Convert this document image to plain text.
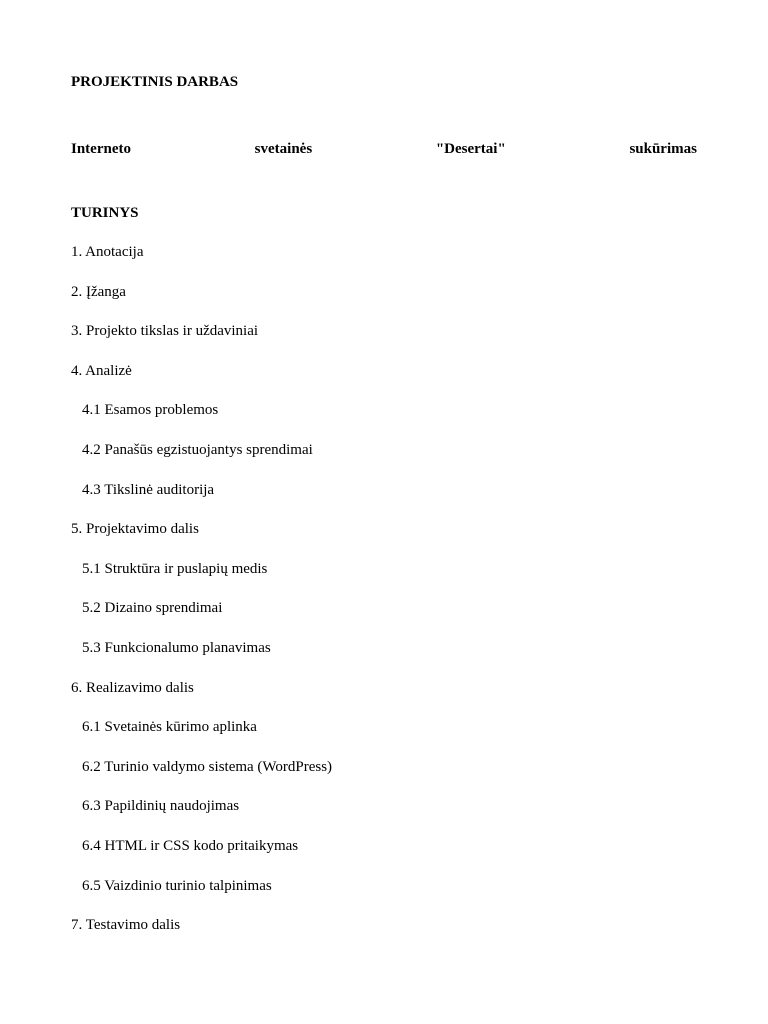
PROJEKTINIS DARBAS
Interneto	svetainės	"Desertai"	sukūrimas
TURINYS
1. Anotacija
2. Įžanga
3. Projekto tikslas ir uždaviniai
4. Analizė
4.1 Esamos problemos
4.2 Panašūs egzistuojantys sprendimai
4.3 Tikslinė auditorija
5. Projektavimo dalis
5.1 Struktūra ir puslapių medis
5.2 Dizaino sprendimai
5.3 Funkcionalumo planavimas
6. Realizavimo dalis
6.1 Svetainės kūrimo aplinka
6.2 Turinio valdymo sistema (WordPress)
6.3 Papildinių naudojimas
6.4 HTML ir CSS kodo pritaikymas
6.5 Vaizdinio turinio talpinimas
7. Testavimo dalis
